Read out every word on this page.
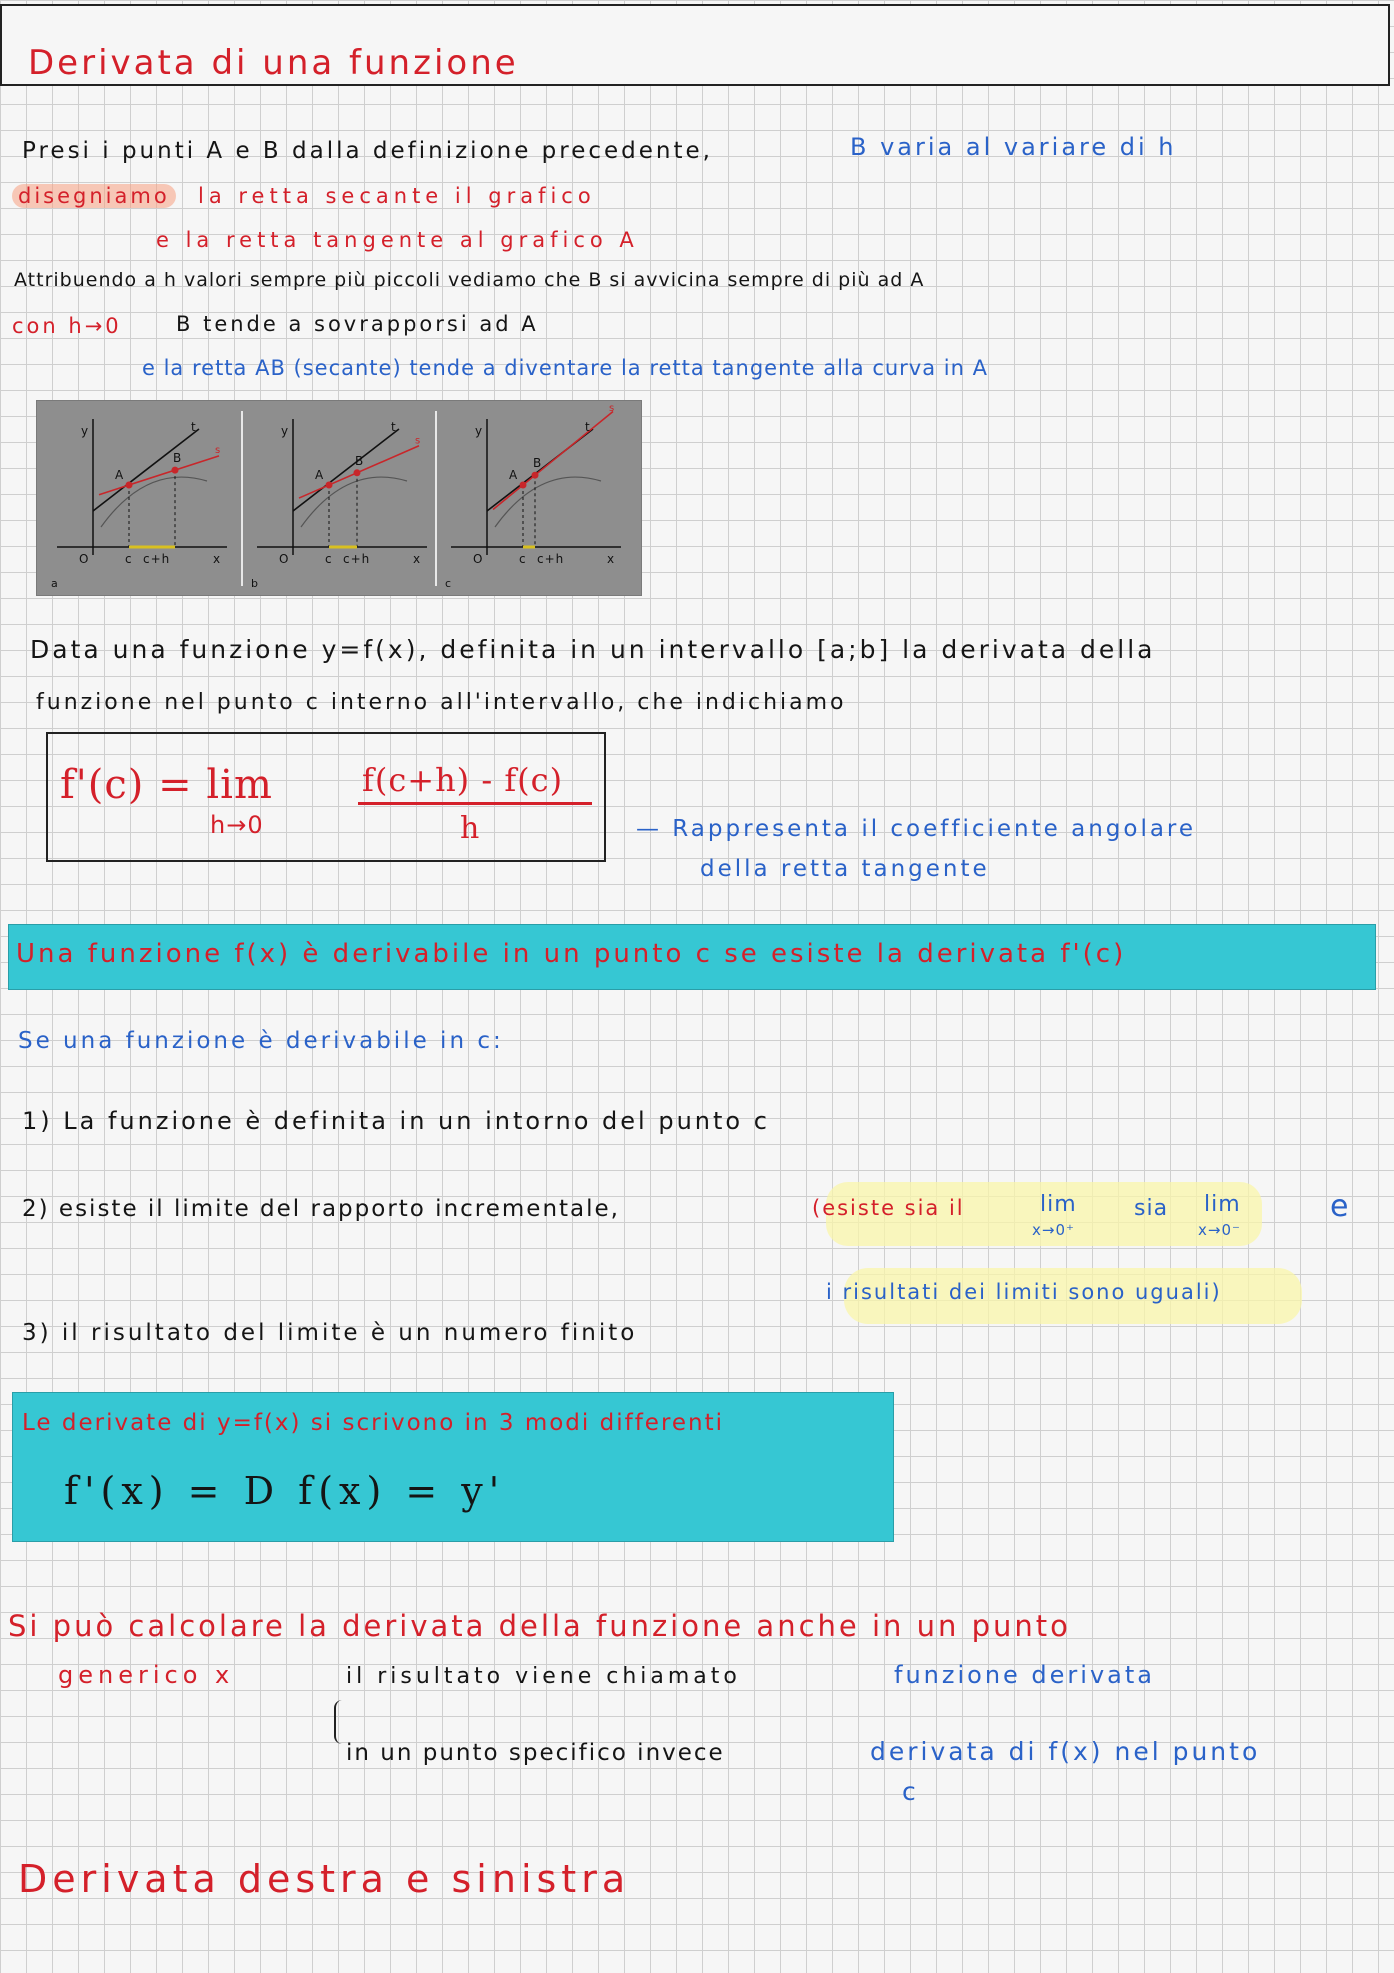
Derivata di una funzione
Presi i punti A e B dalla definizione precedente,	B varia al variare di h
disegniamo la retta secante il grafico
e la retta tangente al grafico A
Attribuendo a h valori sempre più piccoli vediamo che B si avvicina sempre di più ad A
con h→0	B tende a sovrapporsi ad A
e la retta AB (secante) tende a diventare la retta tangente alla curva in A
y	t
s
A
B
O	c c+h	x
a
y	t
s
A
B
O	c c+h	x
b
y	t
s
A
B
O	c c+h	x
c
Data una funzione y=f(x), definita in un intervallo [a;b] la derivata della
funzione nel punto c interno all'intervallo, che indichiamo
f'(c) = lim
h→0
f(c+h) - f(c)
h	— Rappresenta il coefficiente angolare
della retta tangente
Una funzione f(x) è derivabile in un punto c se esiste la derivata f'(c)
Se una funzione è derivabile in c:
1) La funzione è definita in un intorno del punto c
2) esiste il limite del rapporto incrementale,	(esiste sia il	lim
x→0⁺
sia lim
x→0⁻
e
i risultati dei limiti sono uguali)
3) il risultato del limite è un numero finito
Le derivate di y=f(x) si scrivono in 3 modi differenti
f'(x) = D f(x) = y'
Si può calcolare la derivata della funzione anche in un punto
generico x	il risultato viene chiamato	funzione derivata
in un punto specifico invece	derivata di f(x) nel punto
c
Derivata destra e sinistra
